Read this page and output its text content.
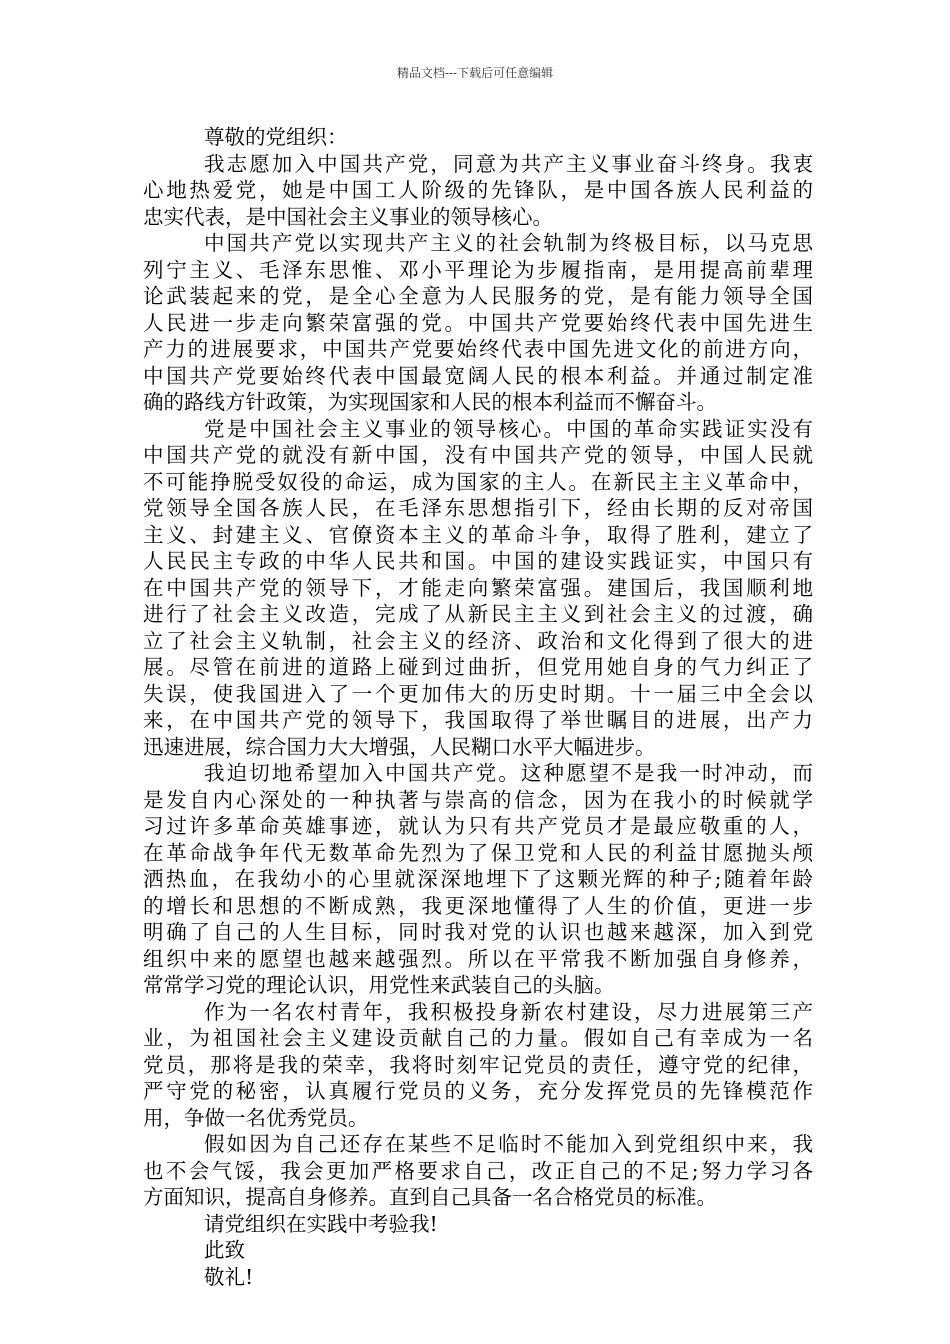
精品文档---下载后可任意编辑
尊敬的党组织：
我志愿加入中国共产党，同意为共产主义事业奋斗终身。我衷
心地热爱党，她是中国工人阶级的先锋队，是中国各族人民利益的
忠实代表，是中国社会主义事业的领导核心。
中国共产党以实现共产主义的社会轨制为终极目标，以马克思
列宁主义、毛泽东思惟、邓小平理论为步履指南，是用提高前辈理
论武装起来的党，是全心全意为人民服务的党，是有能力领导全国
人民进一步走向繁荣富强的党。中国共产党要始终代表中国先进生
产力的进展要求，中国共产党要始终代表中国先进文化的前进方向，
中国共产党要始终代表中国最宽阔人民的根本利益。并通过制定准
确的路线方针政策，为实现国家和人民的根本利益而不懈奋斗。
党是中国社会主义事业的领导核心。中国的革命实践证实没有
中国共产党的就没有新中国，没有中国共产党的领导，中国人民就
不可能挣脱受奴役的命运，成为国家的主人。在新民主主义革命中，
党领导全国各族人民，在毛泽东思想指引下，经由长期的反对帝国
主义、封建主义、官僚资本主义的革命斗争，取得了胜利，建立了
人民民主专政的中华人民共和国。中国的建设实践证实，中国只有
在中国共产党的领导下，才能走向繁荣富强。建国后，我国顺利地
进行了社会主义改造，完成了从新民主主义到社会主义的过渡，确
立了社会主义轨制，社会主义的经济、政治和文化得到了很大的进
展。尽管在前进的道路上碰到过曲折，但党用她自身的气力纠正了
失误，使我国进入了一个更加伟大的历史时期。十一届三中全会以
来，在中国共产党的领导下，我国取得了举世瞩目的进展，出产力
迅速进展，综合国力大大增强，人民糊口水平大幅进步。
我迫切地希望加入中国共产党。这种愿望不是我一时冲动，而
是发自内心深处的一种执著与崇高的信念，因为在我小的时候就学
习过许多革命英雄事迹，就认为只有共产党员才是最应敬重的人，
在革命战争年代无数革命先烈为了保卫党和人民的利益甘愿抛头颅
洒热血，在我幼小的心里就深深地埋下了这颗光辉的种子;随着年龄
的增长和思想的不断成熟，我更深地懂得了人生的价值，更进一步
明确了自己的人生目标，同时我对党的认识也越来越深，加入到党
组织中来的愿望也越来越强烈。所以在平常我不断加强自身修养，
常常学习党的理论认识，用党性来武装自己的头脑。
作为一名农村青年，我积极投身新农村建设，尽力进展第三产
业，为祖国社会主义建设贡献自己的力量。假如自己有幸成为一名
党员，那将是我的荣幸，我将时刻牢记党员的责任，遵守党的纪律，
严守党的秘密，认真履行党员的义务，充分发挥党员的先锋模范作
用，争做一名优秀党员。
假如因为自己还存在某些不足临时不能加入到党组织中来，我
也不会气馁，我会更加严格要求自己，改正自己的不足;努力学习各
方面知识，提高自身修养。直到自己具备一名合格党员的标准。
请党组织在实践中考验我!
此致
敬礼!
